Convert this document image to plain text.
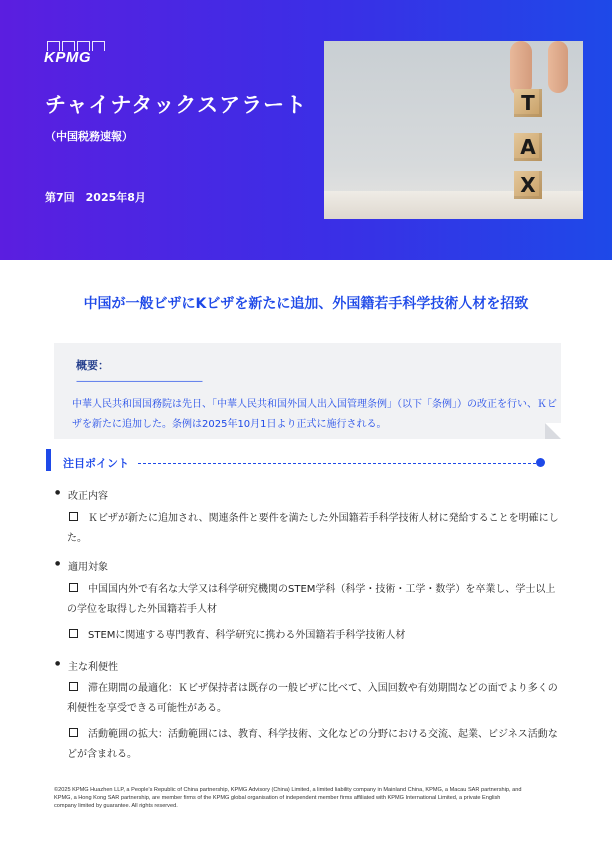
KPMG
チャイナタックスアラート
（中国税務速報）
第7回　2025年8月
T
A
X
中国が一般ビザにKビザを新たに追加、外国籍若手科学技術人材を招致
概要：
——————————————
中華人民共和国国務院は先日、「中華人民共和国外国人出入国管理条例」（以下「条例」）の改正を行い、Ｋビザを新たに追加した。条例は2025年10月1日より正式に施行される。
注目ポイント
● 改正内容
Ｋビザが新たに追加され、関連条件と要件を満たした外国籍若手科学技術人材に発給することを明確にした。
● 適用対象
中国国内外で有名な大学又は科学研究機関のSTEM学科（科学・技術・工学・数学）を卒業し、学士以上の学位を取得した外国籍若手人材
STEMに関連する専門教育、科学研究に携わる外国籍若手科学技術人材
● 主な利便性
滞在期間の最適化：Ｋビザ保持者は既存の一般ビザに比べて、入国回数や有効期間などの面でより多くの利便性を享受できる可能性がある。
活動範囲の拡大：活動範囲には、教育、科学技術、文化などの分野における交流、起業、ビジネス活動などが含まれる。
©2025 KPMG Huazhen LLP, a People's Republic of China partnership, KPMG Advisory (China) Limited, a limited liability company in Mainland China, KPMG, a Macau SAR partnership, and KPMG, a Hong Kong SAR partnership, are member firms of the KPMG global organisation of independent member firms affiliated with KPMG International Limited, a private English company limited by guarantee. All rights reserved.
